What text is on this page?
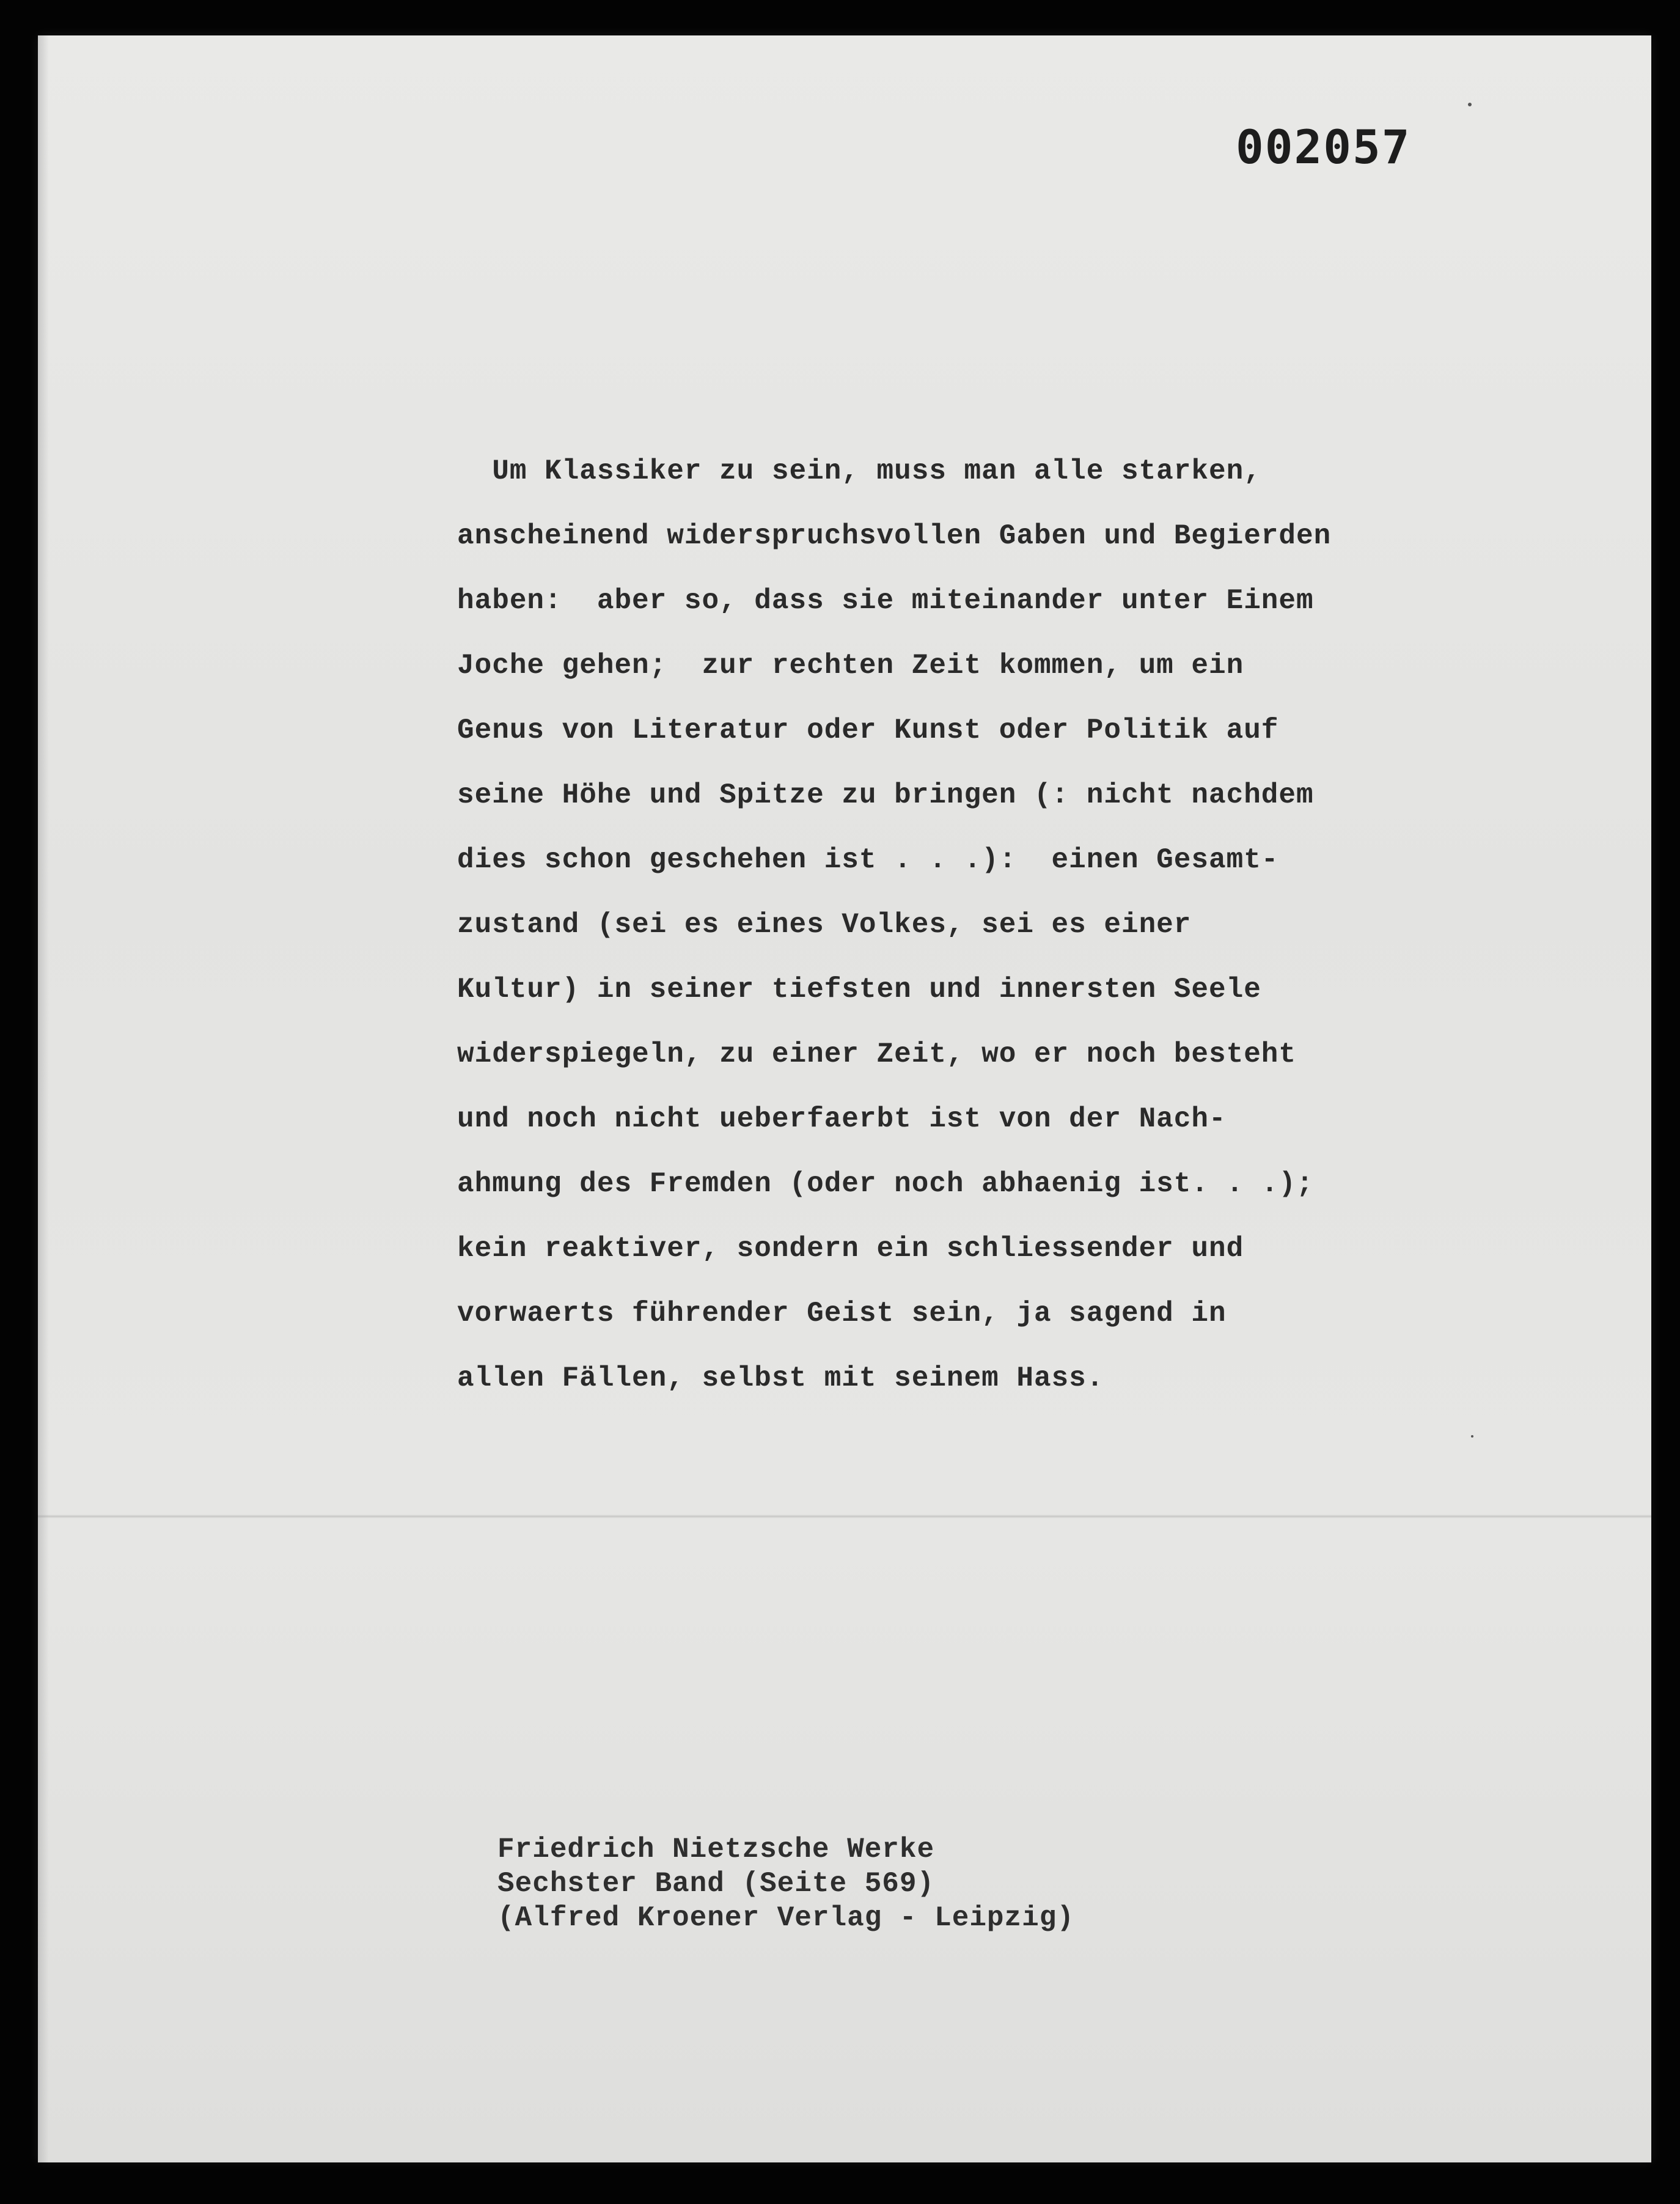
002057
Um Klassiker zu sein, muss man alle starken,
anscheinend widerspruchsvollen Gaben und Begierden
haben:  aber so, dass sie miteinander unter Einem
Joche gehen;  zur rechten Zeit kommen, um ein
Genus von Literatur oder Kunst oder Politik auf
seine Höhe und Spitze zu bringen (: nicht nachdem
dies schon geschehen ist . . .):  einen Gesamt-
zustand (sei es eines Volkes, sei es einer
Kultur) in seiner tiefsten und innersten Seele
widerspiegeln, zu einer Zeit, wo er noch besteht
und noch nicht ueberfaerbt ist von der Nach-
ahmung des Fremden (oder noch abhaenig ist. . .);
kein reaktiver, sondern ein schliessender und
vorwaerts führender Geist sein, ja sagend in
allen Fällen, selbst mit seinem Hass.
Friedrich Nietzsche Werke
Sechster Band (Seite 569)
(Alfred Kroener Verlag - Leipzig)
